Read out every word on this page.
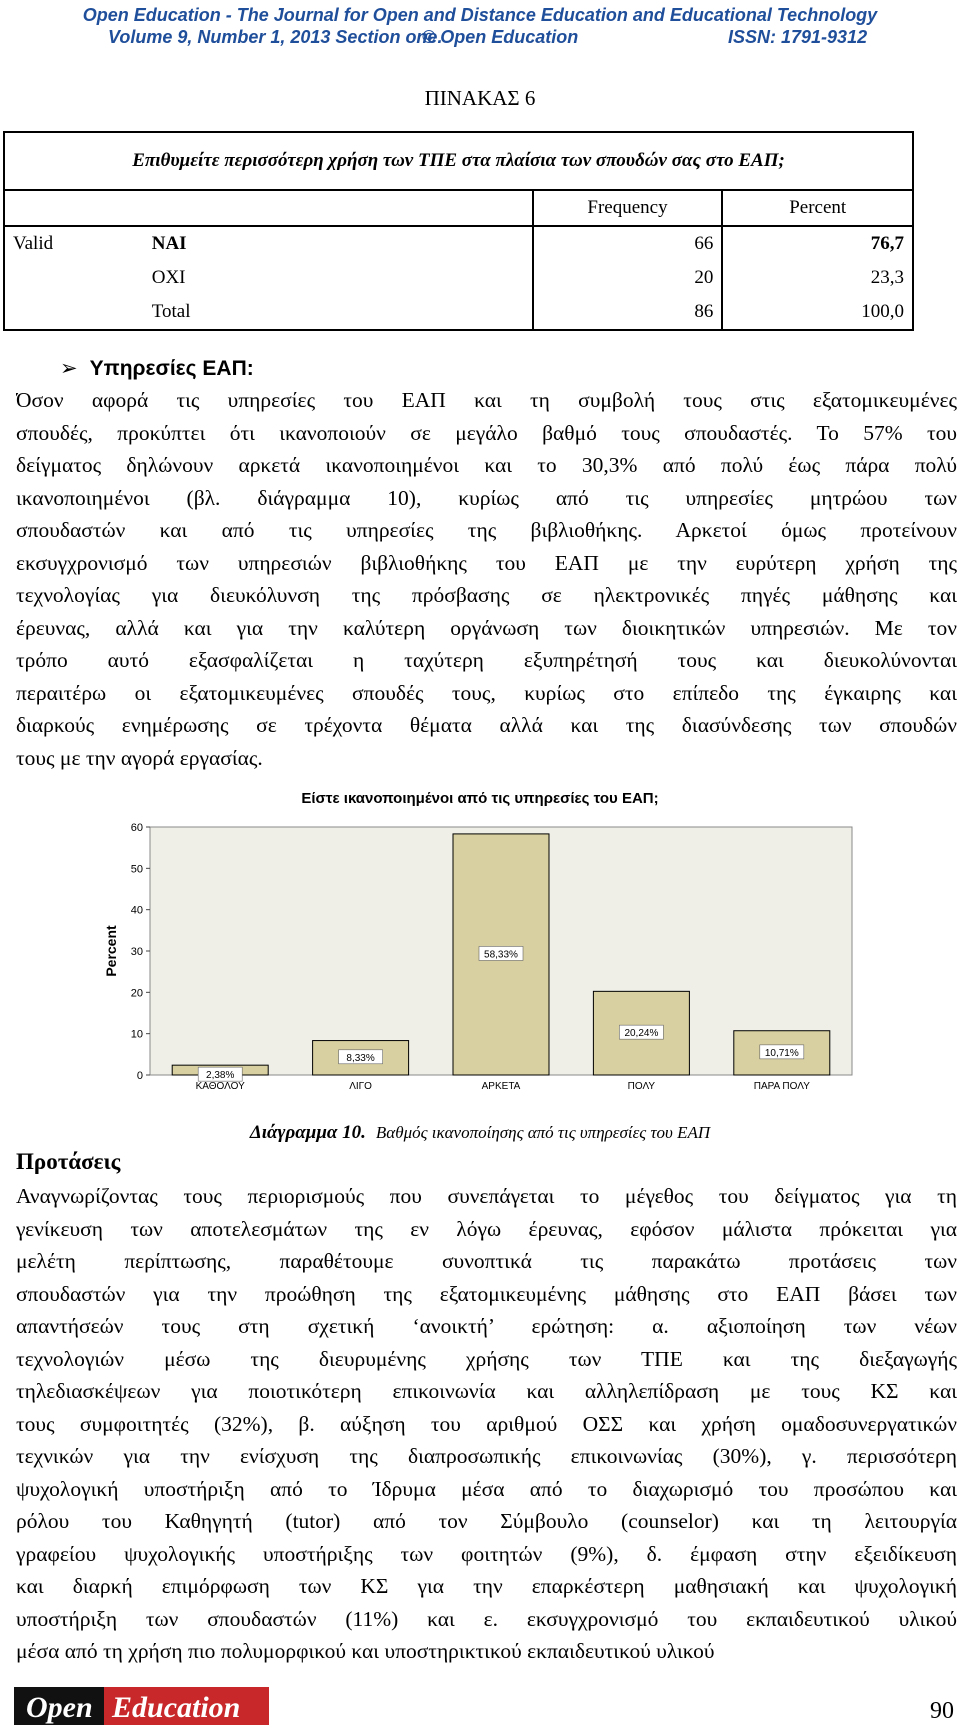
Open Education - The Journal for Open and Distance Education and Educational Technology
Volume 9, Number 1, 2013 Section one.
© Open Education	ISSN: 1791-9312
ΠΙΝΑΚΑΣ 6
Επιθυμείτε περισσότερη χρήση των ΤΠΕ στα πλαίσια των σπουδών σας στο ΕΑΠ;			
		Frequency	Percent
Valid	ΝΑΙ	66	76,7
	ΟΧΙ	20	23,3
	Total	86	100,0
➢ Υπηρεσίες ΕΑΠ:
Όσον αφορά τις υπηρεσίες του ΕΑΠ και τη συμβολή τους στις εξατομικευμένες
σπουδές, προκύπτει ότι ικανοποιούν σε μεγάλο βαθμό τους σπουδαστές. Το 57% του
δείγματος δηλώνουν αρκετά ικανοποιημένοι και το 30,3% από πολύ έως πάρα πολύ
ικανοποιημένοι (βλ. διάγραμμα 10), κυρίως από τις υπηρεσίες μητρώου των
σπουδαστών και από τις υπηρεσίες της βιβλιοθήκης. Αρκετοί όμως προτείνουν
εκσυγχρονισμό των υπηρεσιών βιβλιοθήκης του ΕΑΠ με την ευρύτερη χρήση της
τεχνολογίας για διευκόλυνση της πρόσβασης σε ηλεκτρονικές πηγές μάθησης και
έρευνας, αλλά και για την καλύτερη οργάνωση των διοικητικών υπηρεσιών. Με τον
τρόπο αυτό εξασφαλίζεται η ταχύτερη εξυπηρέτησή τους και διευκολύνονται
περαιτέρω οι εξατομικευμένες σπουδές τους, κυρίως στο επίπεδο της έγκαιρης και
διαρκούς ενημέρωσης σε τρέχοντα θέματα αλλά και της διασύνδεσης των σπουδών
τους με την αγορά εργασίας.
Είστε ικανοποιημένοι από τις υπηρεσίες του ΕΑΠ;
0
10
20
30
40
50
60
Percent
2,38%
ΚΑΘΟΛΟΥ
8,33%
ΛΙΓΟ
58,33%
ΑΡΚΕΤΑ
20,24%
ΠΟΛΥ
10,71%
ΠΑΡΑ ΠΟΛΥ
Διάγραμμα 10. Βαθμός ικανοποίησης από τις υπηρεσίες του ΕΑΠ
Προτάσεις
Αναγνωρίζοντας τους περιορισμούς που συνεπάγεται το μέγεθος του δείγματος για τη
γενίκευση των αποτελεσμάτων της εν λόγω έρευνας, εφόσον μάλιστα πρόκειται για
μελέτη περίπτωσης, παραθέτουμε συνοπτικά τις παρακάτω προτάσεις των
σπουδαστών για την προώθηση της εξατομικευμένης μάθησης στο ΕΑΠ βάσει των
απαντήσεών τους στη σχετική ‘ανοικτή’ ερώτηση: α. αξιοποίηση των νέων
τεχνολογιών μέσω της διευρυμένης χρήσης των ΤΠΕ και της διεξαγωγής
τηλεδιασκέψεων για ποιοτικότερη επικοινωνία και αλληλεπίδραση με τους ΚΣ και
τους συμφοιτητές (32%), β. αύξηση του αριθμού ΟΣΣ και χρήση ομαδοσυνεργατικών
τεχνικών για την ενίσχυση της διαπροσωπικής επικοινωνίας (30%), γ. περισσότερη
ψυχολογική υποστήριξη από το Ίδρυμα μέσα από το διαχωρισμό του προσώπου και
ρόλου του Καθηγητή (tutor) από τον Σύμβουλο (counselor) και τη λειτουργία
γραφείου ψυχολογικής υποστήριξης των φοιτητών (9%), δ. έμφαση στην εξειδίκευση
και διαρκή επιμόρφωση των ΚΣ για την επαρκέστερη μαθησιακή και ψυχολογική
υποστήριξη των σπουδαστών (11%) και ε. εκσυγχρονισμό του εκπαιδευτικού υλικού
μέσα από τη χρήση πιο πολυμορφικού και υποστηρικτικού εκπαιδευτικού υλικού
Open Education	90
